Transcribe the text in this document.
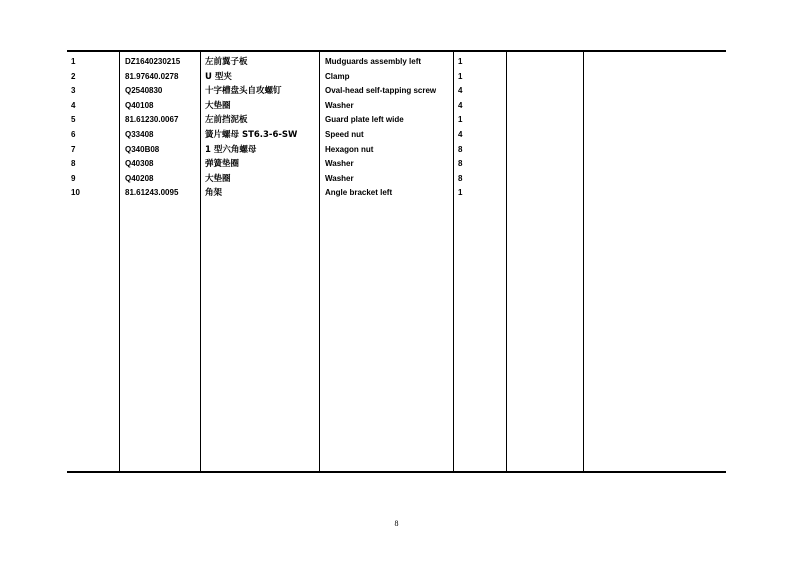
1	DZ1640230215	左前翼子板	Mudguards assembly left	1
2	81.97640.0278	U 型夹	Clamp	1
3	Q2540830	十字槽盘头自攻螺钉	Oval-head self-tapping screw	4
4	Q40108	大垫圈	Washer	4
5	81.61230.0067	左前挡泥板	Guard plate left wide	1
6	Q33408	簧片螺母 ST6.3-6-SW	Speed nut	4
7	Q340B08	1 型六角螺母	Hexagon nut	8
8	Q40308	弹簧垫圈	Washer	8
9	Q40208	大垫圈	Washer	8
10	81.61243.0095	角架	Angle bracket left	1
8
